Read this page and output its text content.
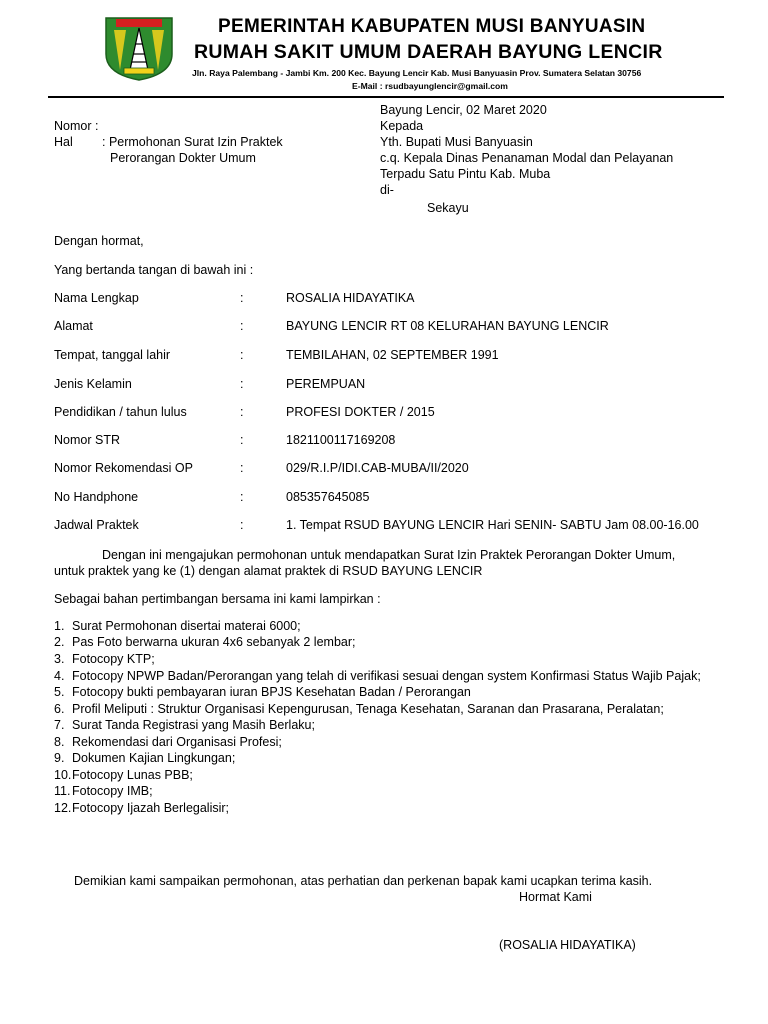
PEMERINTAH KABUPATEN MUSI BANYUASIN
RUMAH SAKIT UMUM DAERAH BAYUNG LENCIR
Jln. Raya Palembang - Jambi Km. 200 Kec. Bayung Lencir Kab. Musi Banyuasin Prov. Sumatera Selatan 30756
E-Mail : rsudbayunglencir@gmail.com
Bayung Lencir, 02 Maret 2020
Kepada
Yth. Bupati Musi Banyuasin
c.q. Kepala Dinas Penanaman Modal dan Pelayanan
Terpadu Satu Pintu Kab. Muba
di-
Sekayu
Nomor :
Hal : Permohonan Surat Izin Praktek
Perorangan Dokter Umum
Dengan hormat,
Yang bertanda tangan di bawah ini :
Nama Lengkap	:	ROSALIA HIDAYATIKA
Alamat	:	BAYUNG LENCIR RT 08 KELURAHAN BAYUNG LENCIR
Tempat, tanggal lahir	:	TEMBILAHAN, 02 SEPTEMBER 1991
Jenis Kelamin	:	PEREMPUAN
Pendidikan / tahun lulus	:	PROFESI DOKTER / 2015
Nomor STR	:	1821100117169208
Nomor Rekomendasi OP	:	029/R.I.P/IDI.CAB-MUBA/II/2020
No Handphone	:	085357645085
Jadwal Praktek	:	1. Tempat RSUD BAYUNG LENCIR Hari SENIN- SABTU Jam 08.00-16.00
Dengan ini mengajukan permohonan untuk mendapatkan Surat Izin Praktek Perorangan Dokter Umum,
untuk praktek yang ke (1) dengan alamat praktek di RSUD BAYUNG LENCIR
Sebagai bahan pertimbangan bersama ini kami lampirkan :
1. Surat Permohonan disertai materai 6000;
2. Pas Foto berwarna ukuran 4x6 sebanyak 2 lembar;
3. Fotocopy KTP;
4. Fotocopy NPWP Badan/Perorangan yang telah di verifikasi sesuai dengan system Konfirmasi Status Wajib Pajak;
5. Fotocopy bukti pembayaran iuran BPJS Kesehatan Badan / Perorangan
6. Profil Meliputi : Struktur Organisasi Kepengurusan, Tenaga Kesehatan, Saranan dan Prasarana, Peralatan;
7. Surat Tanda Registrasi yang Masih Berlaku;
8. Rekomendasi dari Organisasi Profesi;
9. Dokumen Kajian Lingkungan;
10.Fotocopy Lunas PBB;
11. Fotocopy IMB;
12.Fotocopy Ijazah Berlegalisir;
Demikian kami sampaikan permohonan, atas perhatian dan perkenan bapak kami ucapkan terima kasih.
Hormat Kami
(ROSALIA HIDAYATIKA)
